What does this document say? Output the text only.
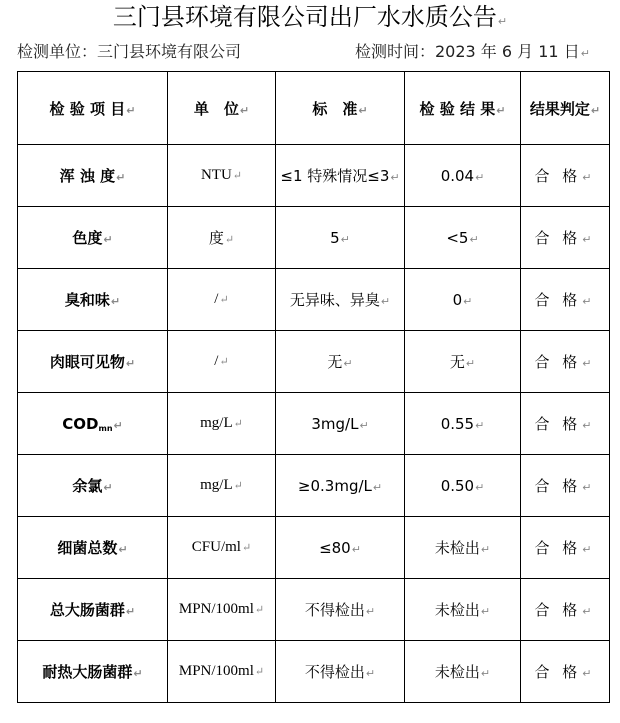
三门县环境有限公司出厂水水质公告↵
检测单位：三门县环境有限公司	检测时间：2023 年 6 月 11 日↵
检 验 项 目↵	单　位↵	标　准↵	检 验 结 果↵	结果判定↵
浑 浊 度↵	NTU↵	≤1 特殊情况≤3↵	0.04↵	合 格↵
色度↵	度↵	5↵	<5↵	合 格↵
臭和味↵	/↵	无异味、异臭↵	0↵	合 格↵
肉眼可见物↵	/↵	无↵	无↵	合 格↵
$COD_{mn}↵$	mg/L↵	3mg/L↵	0.55↵	合 格↵
余氯↵	mg/L↵	≥0.3mg/L↵	0.50↵	合 格↵
细菌总数↵	CFU/ml↵	≤80↵	未检出↵	合 格↵
总大肠菌群↵	MPN/100ml↵	不得检出↵	未检出↵	合 格↵
耐热大肠菌群↵	MPN/100ml↵	不得检出↵	未检出↵	合 格↵
